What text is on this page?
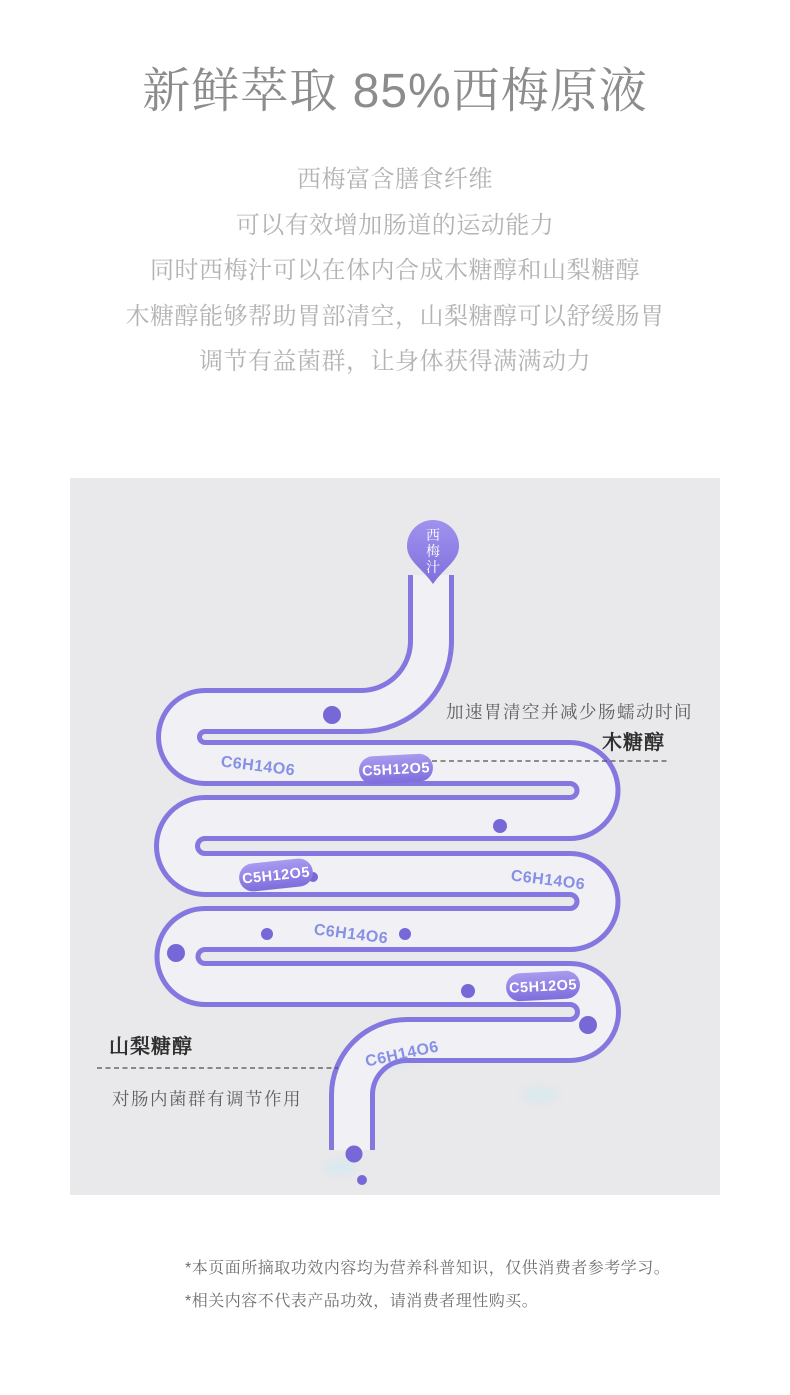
新鲜萃取 85%西梅原液

西梅富含膳食纤维

可以有效增加肠道的运动能力

同时西梅汁可以在体内合成木糖醇和山梨糖醇

木糖醇能够帮助胃部清空，山梨糖醇可以舒缓肠胃

调节有益菌群，让身体获得满满动力

C5H12O5
C5H12O5
C5H12O5
C6H14O6
C6H14O6
C6H14O6
C6H14O6
加速胃清空并减少肠蠕动时间
木糖醇
山梨糖醇
对肠内菌群有调节作用
西
梅
汁

*本页面所摘取功效内容均为营养科普知识，仅供消费者参考学习。

*相关内容不代表产品功效，请消费者理性购买。
